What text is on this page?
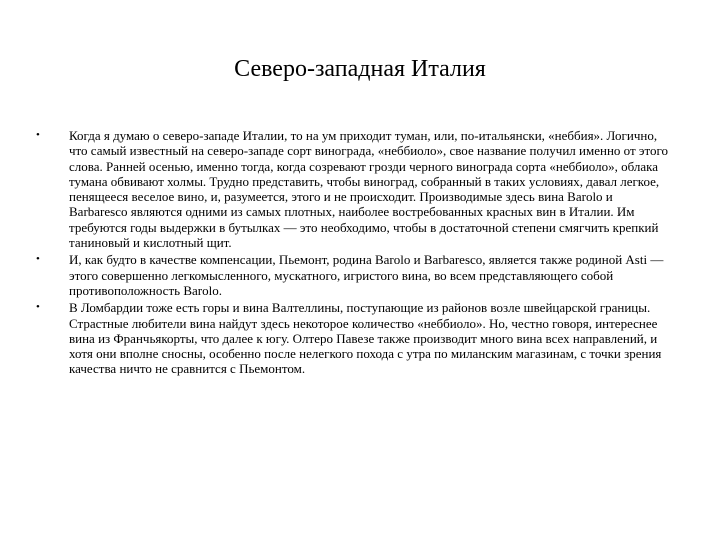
Северо-западная Италия
• Когда я думаю о северо-западе Италии, то на ум приходит туман, или, по-итальянски, «неббия». Логично, что самый известный на северо-западе сорт винограда, «неббиоло», свое название получил именно от этого слова. Ранней осенью, именно тогда, когда созревают грозди черного винограда сорта «неббиоло», облака тумана обвивают холмы. Трудно представить, чтобы виноград, собранный в таких условиях, давал легкое, пенящееся веселое вино, и, разумеется, этого и не происходит. Производимые здесь вина Barolo и Barbaresco являются одними из самых плотных, наиболее востребованных красных вин в Италии. Им требуются годы выдержки в бутылках — это необходимо, чтобы в достаточной степени смягчить крепкий таниновый и кислотный щит.
• И, как будто в качестве компенсации, Пьемонт, родина Barolo и Barbaresco, является также родиной Asti — этого совершенно легкомысленного, мускатного, игристого вина, во всем представляющего собой противоположность Barolo.
• В Ломбардии тоже есть горы и вина Валтеллины, поступающие из районов возле швейцарской границы. Страстные любители вина найдут здесь некоторое количество «неббиоло». Но, честно говоря, интереснее вина из Франчьякорты, что далее к югу. Олтеро Павезе также производит много вина всех направлений, и хотя они вполне сносны, особенно после нелегкого похода с утра по миланским магазинам, с точки зрения качества ничто не сравнится с Пьемонтом.
